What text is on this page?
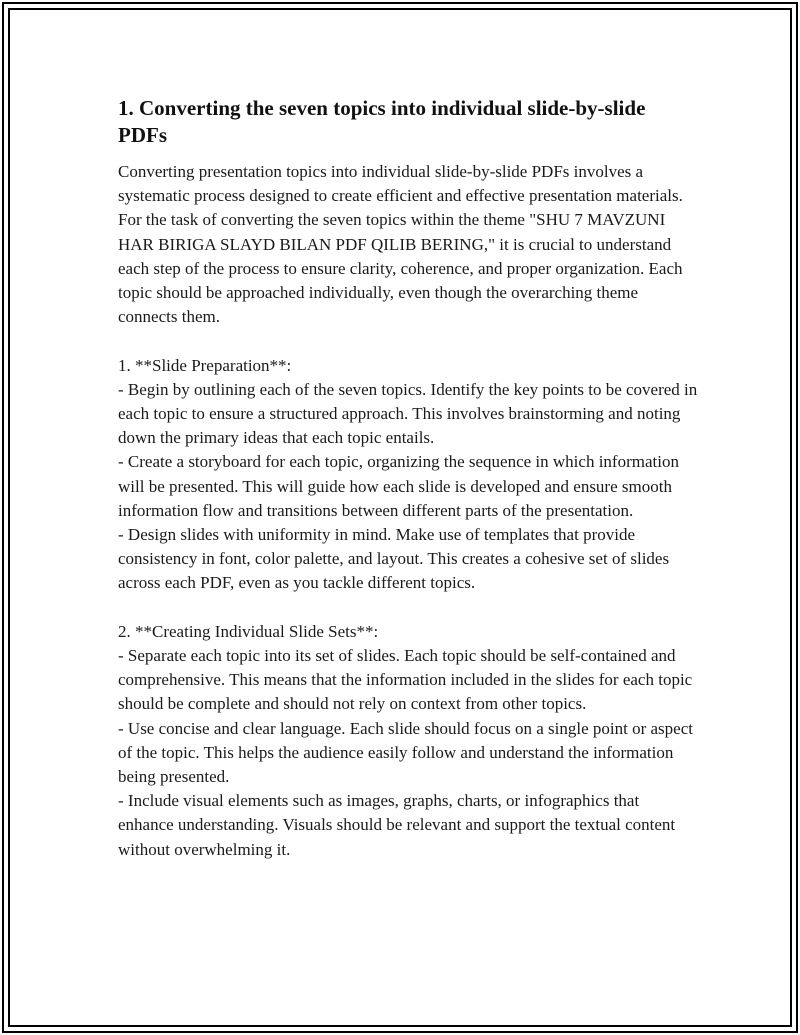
1. Converting the seven topics into individual slide-by-slide PDFs

Converting presentation topics into individual slide-by-slide PDFs involves a systematic process designed to create efficient and effective presentation materials. For the task of converting the seven topics within the theme "SHU 7 MAVZUNI HAR BIRIGA SLAYD BILAN PDF QILIB BERING," it is crucial to understand each step of the process to ensure clarity, coherence, and proper organization. Each topic should be approached individually, even though the overarching theme connects them.

1. **Slide Preparation**:

- Begin by outlining each of the seven topics. Identify the key points to be covered in each topic to ensure a structured approach. This involves brainstorming and noting down the primary ideas that each topic entails.

- Create a storyboard for each topic, organizing the sequence in which information will be presented. This will guide how each slide is developed and ensure smooth information flow and transitions between different parts of the presentation.

- Design slides with uniformity in mind. Make use of templates that provide consistency in font, color palette, and layout. This creates a cohesive set of slides across each PDF, even as you tackle different topics.

2. **Creating Individual Slide Sets**:

- Separate each topic into its set of slides. Each topic should be self-contained and comprehensive. This means that the information included in the slides for each topic should be complete and should not rely on context from other topics.

- Use concise and clear language. Each slide should focus on a single point or aspect of the topic. This helps the audience easily follow and understand the information being presented.

- Include visual elements such as images, graphs, charts, or infographics that enhance understanding. Visuals should be relevant and support the textual content without overwhelming it.
